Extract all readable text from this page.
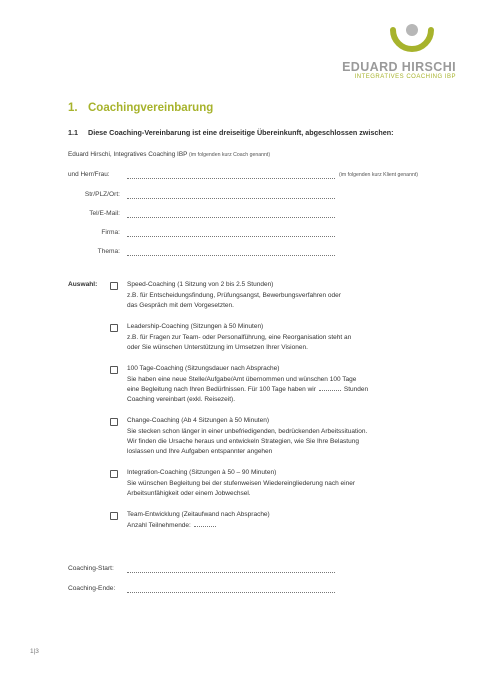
EDUARD HIRSCHI
INTEGRATIVES COACHING IBP
1. Coachingvereinbarung
1.1 Diese Coaching-Vereinbarung ist eine dreiseitige Übereinkunft, abgeschlossen zwischen:
Eduard Hirschi, Integratives Coaching IBP (im folgenden kurz Coach genannt)
und Herr/Frau:	(im folgenden kurz Klient genannt)
Str/PLZ/Ort:
Tel/E-Mail:
Firma:
Thema:
Auswahl:	Speed-Coaching (1 Sitzung von 2 bis 2.5 Stunden)
z.B. für Entscheidungsfindung, Prüfungsangst, Bewerbungsverfahren oder
das Gespräch mit dem Vorgesetzten.
Leadership-Coaching (Sitzungen à 50 Minuten)
z.B. für Fragen zur Team- oder Personalführung, eine Reorganisation steht an
oder Sie wünschen Unterstützung im Umsetzen Ihrer Visionen.
100 Tage-Coaching (Sitzungsdauer nach Absprache)
Sie haben eine neue Stelle/Aufgabe/Amt übernommen und wünschen 100 Tage
eine Begleitung nach Ihren Bedürfnissen. Für 100 Tage haben wir	Stunden
Coaching vereinbart (exkl. Reisezeit).
Change-Coaching (Ab 4 Sitzungen à 50 Minuten)
Sie stecken schon länger in einer unbefriedigenden, bedrückenden Arbeitssituation.
Wir finden die Ursache heraus und entwickeln Strategien, wie Sie Ihre Belastung
loslassen und Ihre Aufgaben entspannter angehen
Integration-Coaching (Sitzungen à 50 – 90 Minuten)
Sie wünschen Begleitung bei der stufenweisen Wiedereingliederung nach einer
Arbeitsunfähigkeit oder einem Jobwechsel.
Team-Entwicklung (Zeitaufwand nach Absprache)
Anzahl Teilnehmende:
Coaching-Start:
Coaching-Ende:
1|3
